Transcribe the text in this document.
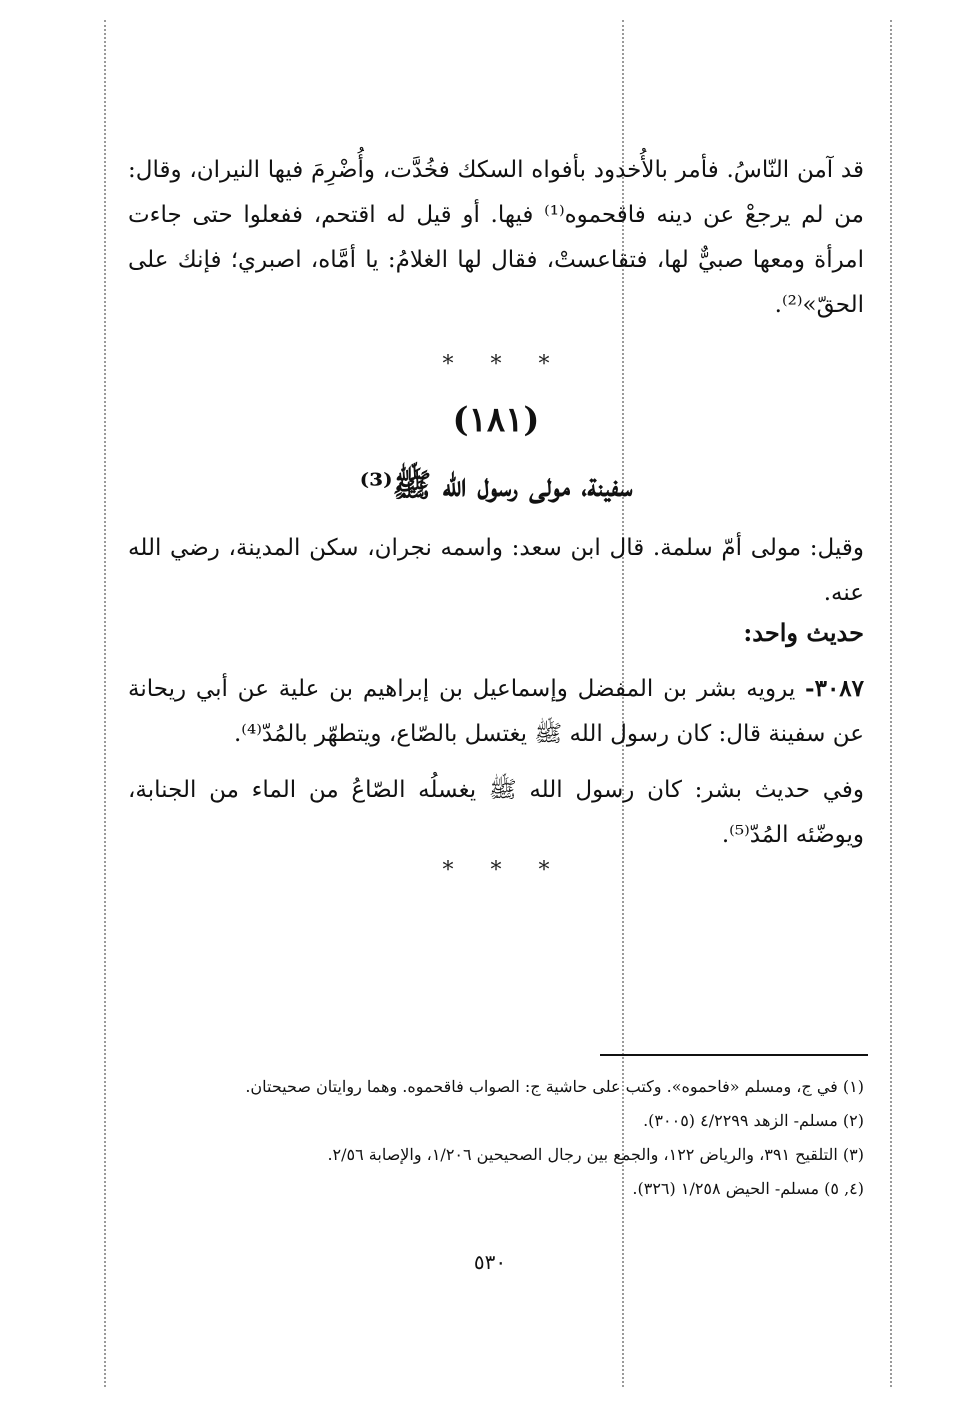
قد آمن النّاسُ. فأمر بالأُخدود بأفواه السكك فخُدَّت، وأُضْرِمَ فيها النيران، وقال: من لم يرجعْ عن دينه فاقحموه⁽¹⁾ فيها. أو قيل له اقتحم، ففعلوا حتى جاءت امرأة ومعها صبيٌّ لها، فتقاعستْ، فقال لها الغلامُ: يا أمَّاه، اصبري؛ فإنك على الحقّ»⁽²⁾.

* * *
(١٨١)
سفينة، مولى رسول الله ﷺ⁽³⁾

وقيل: مولى أمّ سلمة. قال ابن سعد: واسمه نجران، سكن المدينة، رضي الله عنه.

حديث واحد:

٣٠٨٧- يرويه بشر بن المفضل وإسماعيل بن إبراهيم بن علية عن أبي ريحانة عن سفينة قال: كان رسول الله ﷺ يغتسل بالصّاع، ويتطهّر بالمُدّ⁽⁴⁾.

وفي حديث بشر: كان رسول الله ﷺ يغسلُه الصّاعُ من الماء من الجنابة، ويوضّئه المُدّ⁽⁵⁾.

* * *
(١) في ج، ومسلم «فاحموه». وكتب على حاشية ج: الصواب فاقحموه. وهما روايتان صحيحتان.
(٢) مسلم- الزهد ٤/٢٢٩٩ (٣٠٠٥).
(٣) التلقيح ٣٩١، والرياض ١٢٢، والجمع بين رجال الصحيحين ١/٢٠٦، والإصابة ٢/٥٦.
(٤, ٥) مسلم- الحيض ١/٢٥٨ (٣٢٦).
٥٣٠
